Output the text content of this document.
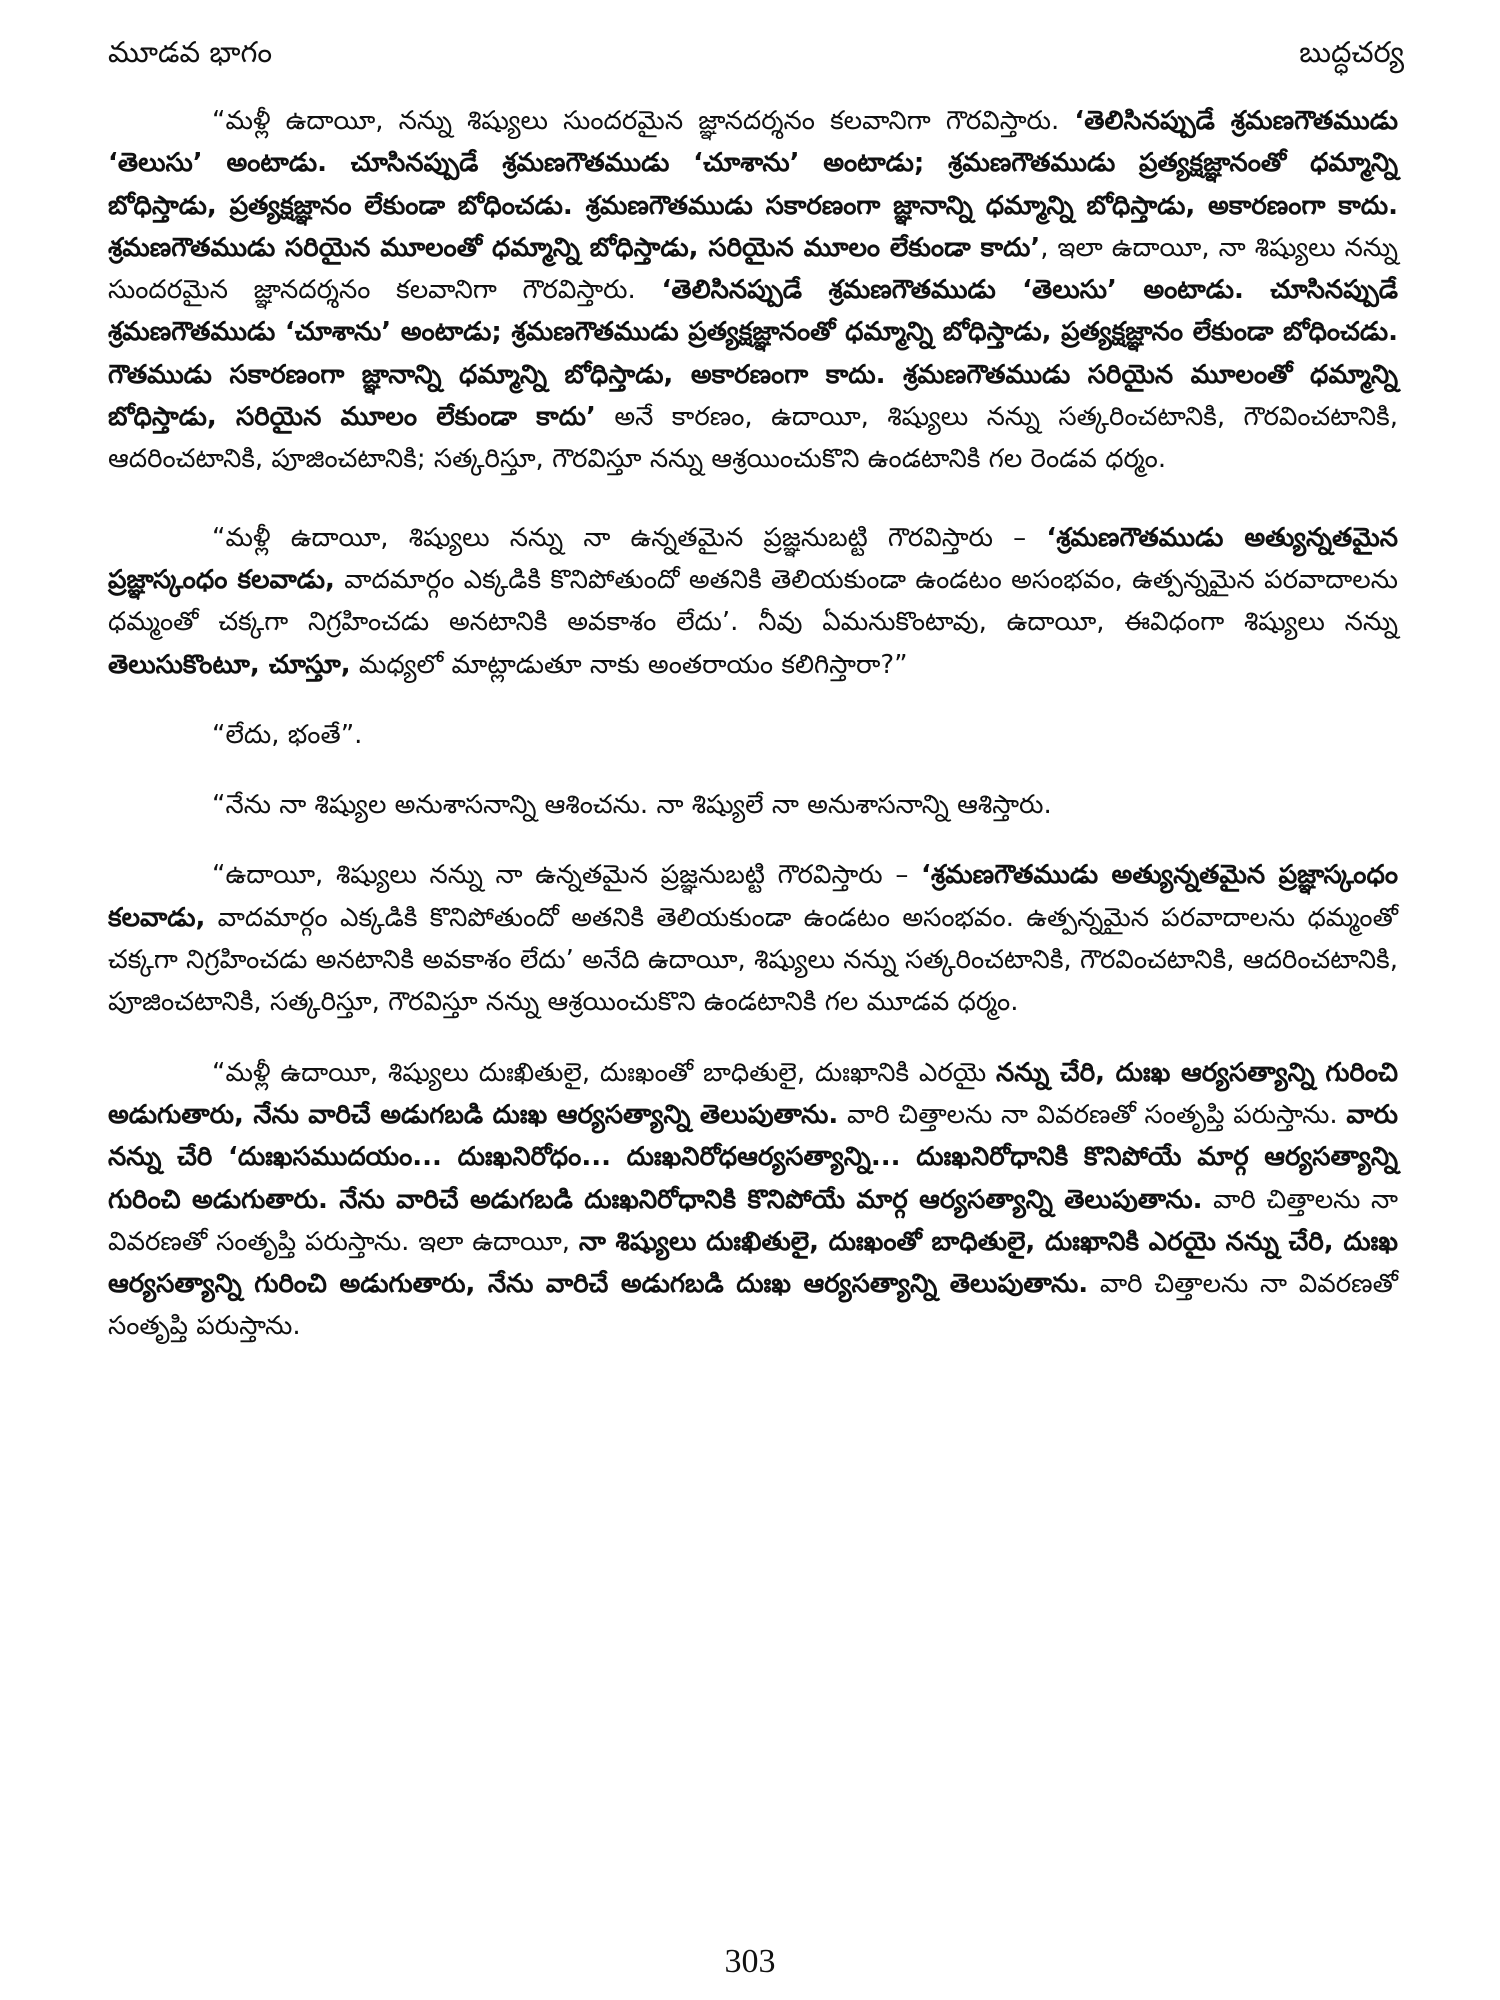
మూడవ భాగం	బుద్ధచర్య

“మళ్లీ ఉదాయీ, నన్ను శిష్యులు సుందరమైన జ్ఞానదర్శనం కలవానిగా గౌరవిస్తారు. ‘తెలిసినప్పుడే శ్రమణగౌతముడు ‘తెలుసు’ అంటాడు. చూసినప్పుడే శ్రమణగౌతముడు ‘చూశాను’ అంటాడు; శ్రమణగౌతముడు ప్రత్యక్షజ్ఞానంతో ధమ్మాన్ని బోధిస్తాడు, ప్రత్యక్షజ్ఞానం లేకుండా బోధించడు. శ్రమణగౌతముడు సకారణంగా జ్ఞానాన్ని ధమ్మాన్ని బోధిస్తాడు, అకారణంగా కాదు. శ్రమణగౌతముడు సరియైన మూలంతో ధమ్మాన్ని బోధిస్తాడు, సరియైన మూలం లేకుండా కాదు’, ఇలా ఉదాయీ, నా శిష్యులు నన్ను సుందరమైన జ్ఞానదర్శనం కలవానిగా గౌరవిస్తారు. ‘తెలిసినప్పుడే శ్రమణగౌతముడు ‘తెలుసు’ అంటాడు. చూసినప్పుడే శ్రమణగౌతముడు ‘చూశాను’ అంటాడు; శ్రమణగౌతముడు ప్రత్యక్షజ్ఞానంతో ధమ్మాన్ని బోధిస్తాడు, ప్రత్యక్షజ్ఞానం లేకుండా బోధించడు. గౌతముడు సకారణంగా జ్ఞానాన్ని ధమ్మాన్ని బోధిస్తాడు, అకారణంగా కాదు. శ్రమణగౌతముడు సరియైన మూలంతో ధమ్మాన్ని బోధిస్తాడు, సరియైన మూలం లేకుండా కాదు’ అనే కారణం, ఉదాయీ, శిష్యులు నన్ను సత్కరించటానికి, గౌరవించటానికి, ఆదరించటానికి, పూజించటానికి; సత్కరిస్తూ, గౌరవిస్తూ నన్ను ఆశ్రయించుకొని ఉండటానికి గల రెండవ ధర్మం.

“మళ్లీ ఉదాయీ, శిష్యులు నన్ను నా ఉన్నతమైన ప్రజ్ఞనుబట్టి గౌరవిస్తారు – ‘శ్రమణగౌతముడు అత్యున్నతమైన ప్రజ్ఞాస్కంధం కలవాడు, వాదమార్గం ఎక్కడికి కొనిపోతుందో అతనికి తెలియకుండా ఉండటం అసంభవం, ఉత్పన్నమైన పరవాదాలను ధమ్మంతో చక్కగా నిగ్రహించడు అనటానికి అవకాశం లేదు’. నీవు ఏమనుకొంటావు, ఉదాయీ, ఈవిధంగా శిష్యులు నన్ను తెలుసుకొంటూ, చూస్తూ, మధ్యలో మాట్లాడుతూ నాకు అంతరాయం కలిగిస్తారా?”

“లేదు, భంతే”.

“నేను నా శిష్యుల అనుశాసనాన్ని ఆశించను. నా శిష్యులే నా అనుశాసనాన్ని ఆశిస్తారు.

“ఉదాయీ, శిష్యులు నన్ను నా ఉన్నతమైన ప్రజ్ఞనుబట్టి గౌరవిస్తారు – ‘శ్రమణగౌతముడు అత్యున్నతమైన ప్రజ్ఞాస్కంధం కలవాడు, వాదమార్గం ఎక్కడికి కొనిపోతుందో అతనికి తెలియకుండా ఉండటం అసంభవం. ఉత్పన్నమైన పరవాదాలను ధమ్మంతో చక్కగా నిగ్రహించడు అనటానికి అవకాశం లేదు’ అనేది ఉదాయీ, శిష్యులు నన్ను సత్కరించటానికి, గౌరవించటానికి, ఆదరించటానికి, పూజించటానికి, సత్కరిస్తూ, గౌరవిస్తూ నన్ను ఆశ్రయించుకొని ఉండటానికి గల మూడవ ధర్మం.

“మళ్లీ ఉదాయీ, శిష్యులు దుఃఖితులై, దుఃఖంతో బాధితులై, దుఃఖానికి ఎరయై నన్ను చేరి, దుఃఖ ఆర్యసత్యాన్ని గురించి అడుగుతారు, నేను వారిచే అడుగబడి దుఃఖ ఆర్యసత్యాన్ని తెలుపుతాను. వారి చిత్తాలను నా వివరణతో సంతృప్తి పరుస్తాను. వారు నన్ను చేరి ‘దుఃఖసముదయం... దుఃఖనిరోధం... దుఃఖనిరోధఆర్యసత్యాన్ని... దుఃఖనిరోధానికి కొనిపోయే మార్గ ఆర్యసత్యాన్ని గురించి అడుగుతారు. నేను వారిచే అడుగబడి దుఃఖనిరోధానికి కొనిపోయే మార్గ ఆర్యసత్యాన్ని తెలుపుతాను. వారి చిత్తాలను నా వివరణతో సంతృప్తి పరుస్తాను. ఇలా ఉదాయీ, నా శిష్యులు దుఃఖితులై, దుఃఖంతో బాధితులై, దుఃఖానికి ఎరయై నన్ను చేరి, దుఃఖ ఆర్యసత్యాన్ని గురించి అడుగుతారు, నేను వారిచే అడుగబడి దుఃఖ ఆర్యసత్యాన్ని తెలుపుతాను. వారి చిత్తాలను నా వివరణతో సంతృప్తి పరుస్తాను.

303
